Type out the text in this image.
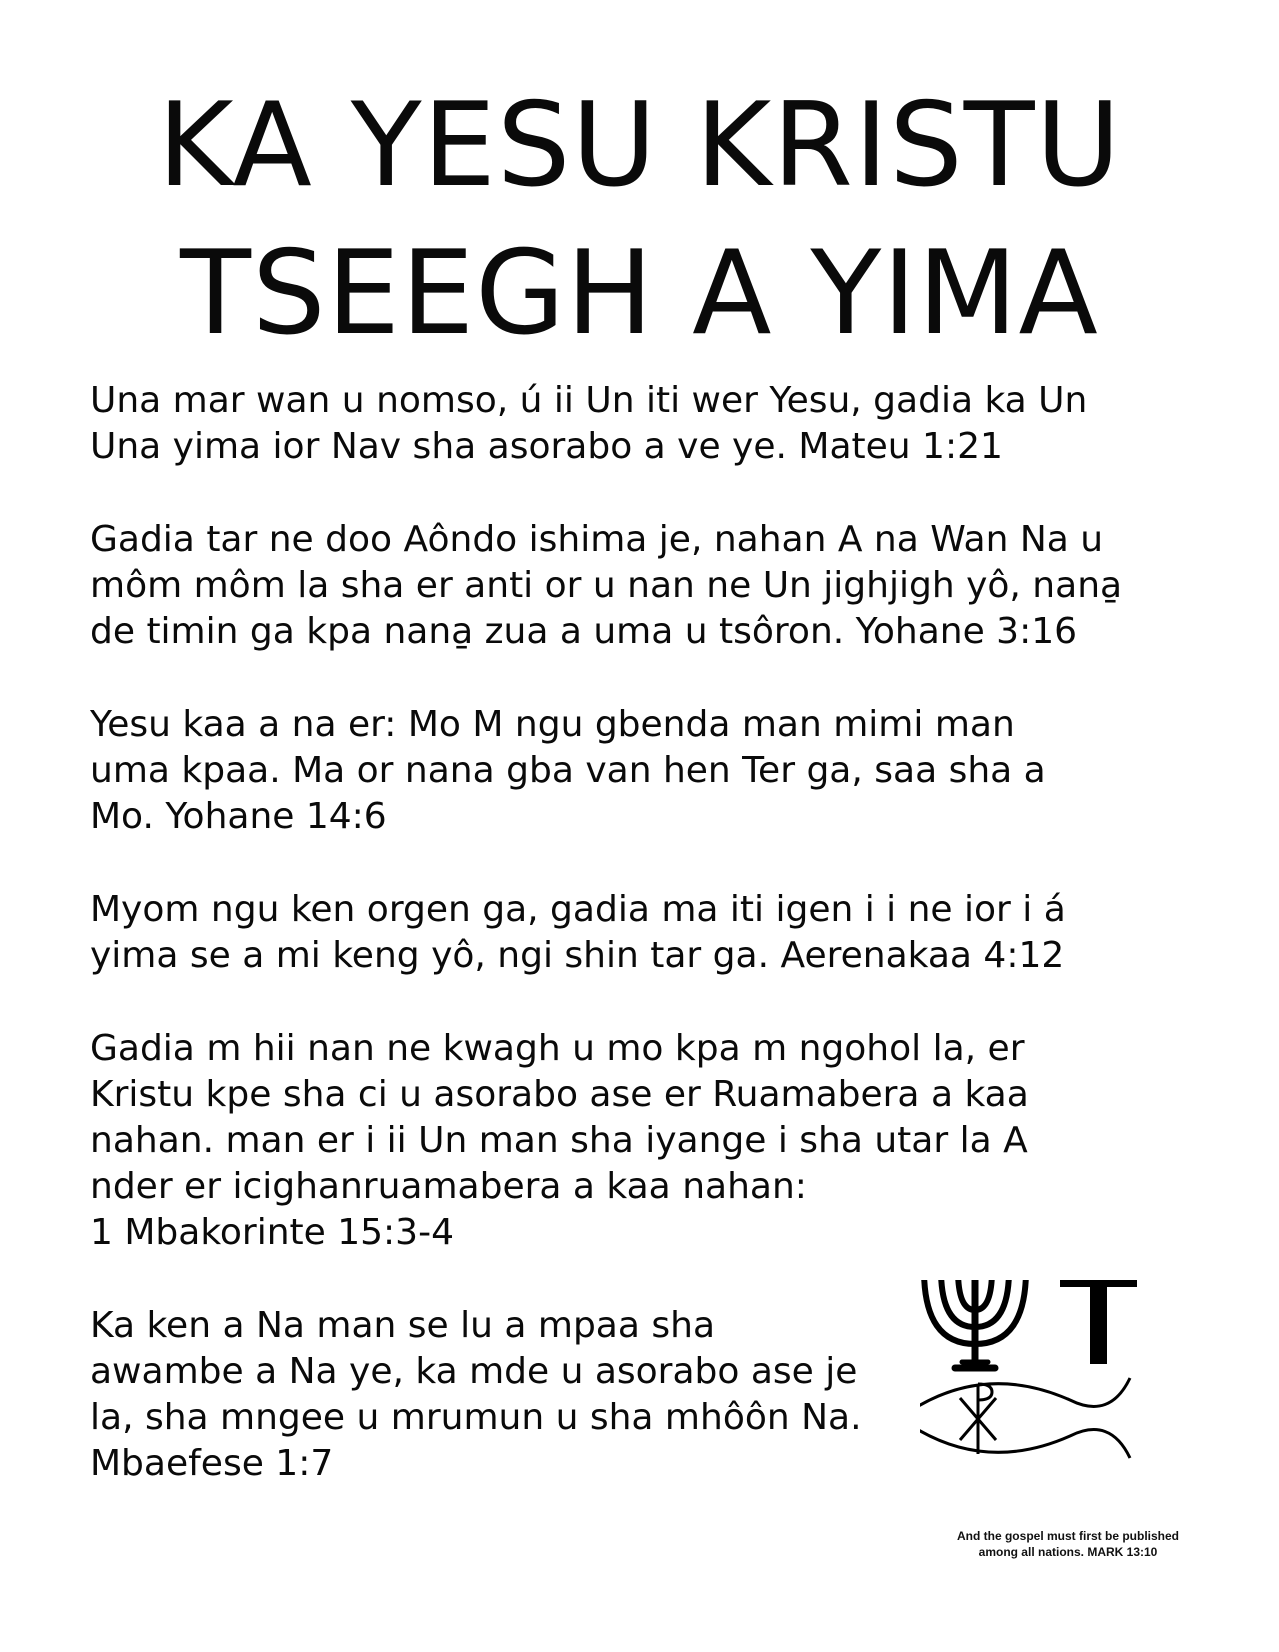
KA YESU KRISTU
TSEEGH A YIMA

Una mar wan u nomso, ú ii Un iti wer Yesu, gadia ka Un Una yima ior Nav sha asorabo a ve ye. Mateu 1:21

Gadia tar ne doo Aôndo ishima je, nahan A na Wan Na u môm môm la sha er anti or u nan ne Un jighjigh yô, nana̱ de timin ga kpa nana̱ zua a uma u tsôron. Yohane 3:16

Yesu kaa a na er: Mo M ngu gbenda man mimi man uma kpaa. Ma or nana gba van hen Ter ga, saa sha a Mo. Yohane 14:6

Myom ngu ken orgen ga, gadia ma iti igen i i ne ior i á yima se a mi keng yô, ngi shin tar ga. Aerenakaa 4:12

Gadia m hii nan ne kwagh u mo kpa m ngohol la, er Kristu kpe sha ci u asorabo ase er Ruamabera a kaa nahan. man er i ii Un man sha iyange i sha utar la A nder er icighanruamabera a kaa nahan:

1 Mbakorinte 15:3-4

Ka ken a Na man se lu a mpaa sha awambe a Na ye, ka mde u asorabo ase je la, sha mngee u mrumun u sha mhôôn Na. Mbaefese 1:7

And the gospel must first be published
among all nations. MARK 13:10
